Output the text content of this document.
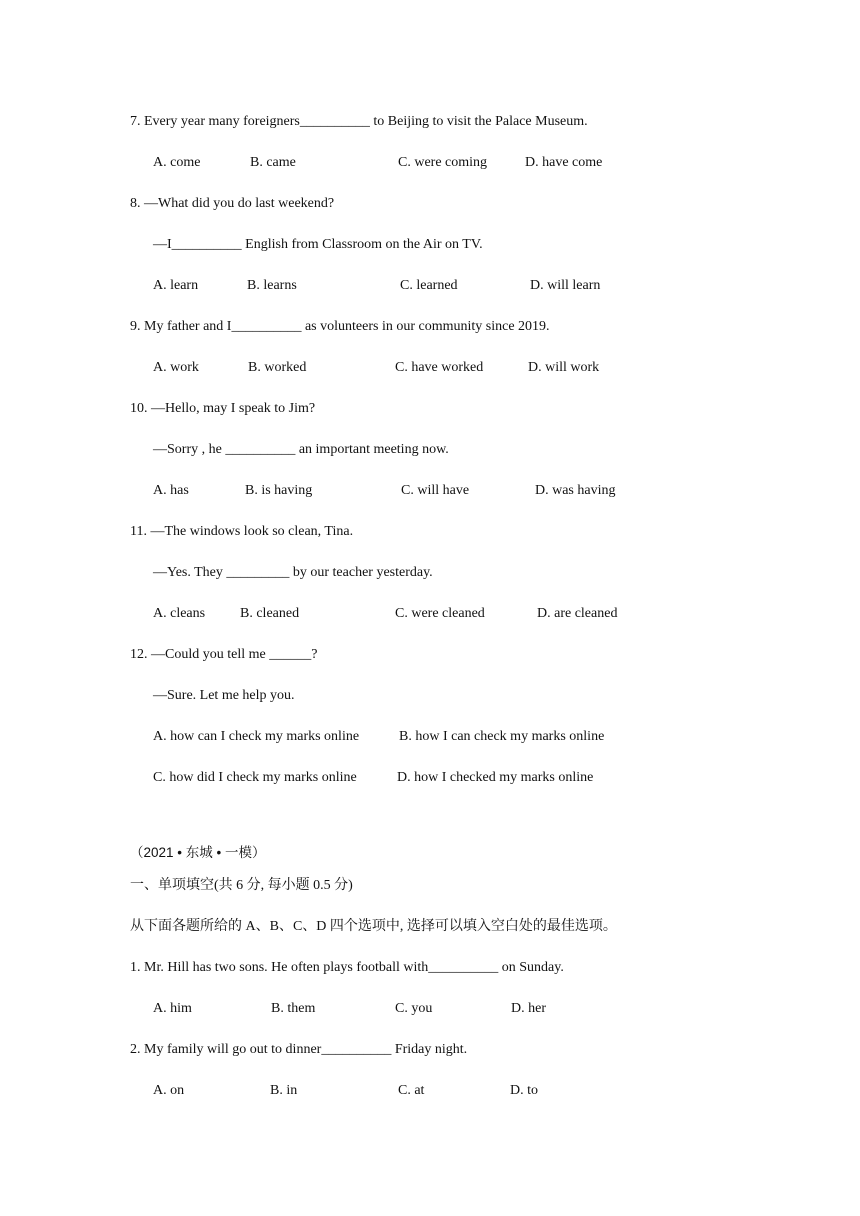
7. Every year many foreigners__________ to Beijing to visit the Palace Museum.
A. come	B. came	C. were coming	D. have come
8. —What did you do last weekend?
—I__________ English from Classroom on the Air on TV.
A. learn	B. learns	C. learned	D. will learn
9. My father and I__________ as volunteers in our community since 2019.
A. work	B. worked	C. have worked	D. will work
10. —Hello, may I speak to Jim?
—Sorry , he __________ an important meeting now.
A. has	B. is having	C. will have	D. was having
11. —The windows look so clean, Tina.
—Yes. They _________ by our teacher yesterday.
A. cleans B. cleaned	C. were cleaned	D. are cleaned
12. —Could you tell me ______?
—Sure. Let me help you.
A. how can I check my marks online	B. how I can check my marks online
C. how did I check my marks online	D. how I checked my marks online
（2021 • 东城 • 一模）
一、单项填空(共 6 分, 每小题 0.5 分)
从下面各题所给的 A、B、C、D 四个选项中, 选择可以填入空白处的最佳选项。
1. Mr. Hill has two sons. He often plays football with__________ on Sunday.
A. him	B. them	C. you	D. her
2. My family will go out to dinner__________ Friday night.
A. on	B. in	C. at	D. to
